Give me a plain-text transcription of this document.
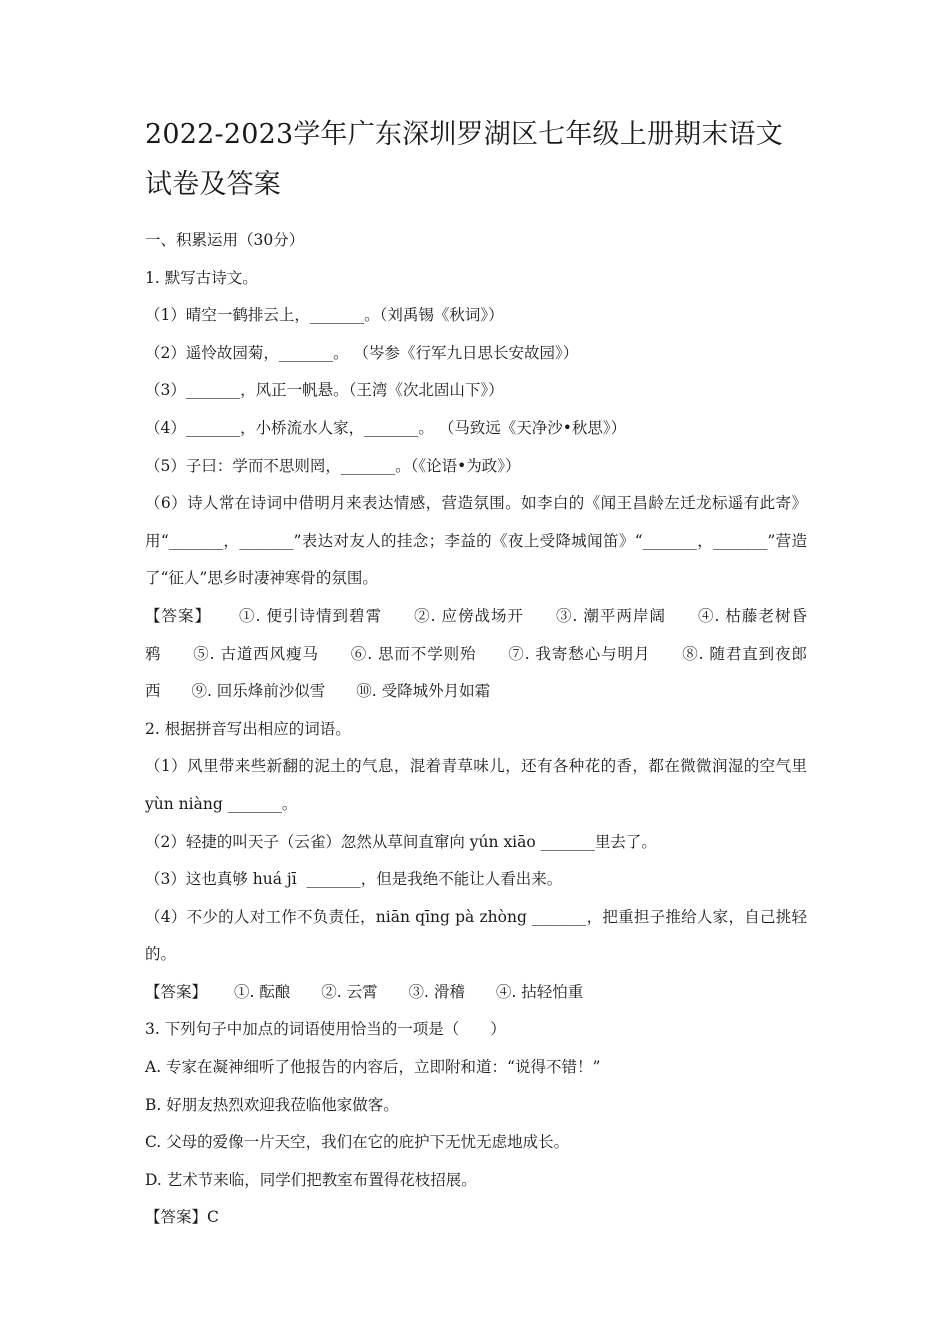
2022-2023学年广东深圳罗湖区七年级上册期末语文试卷及答案

一、积累运用（30分）

1. 默写古诗文。

（1）晴空一鹤排云上，_______。（刘禹锡《秋词》）

（2）遥怜故园菊，_______。 （岑参《行军九日思长安故园》）

（3）_______，风正一帆悬。（王湾《次北固山下》）

（4）_______，小桥流水人家，_______。 （马致远《天净沙•秋思》）

（5）子曰：学而不思则罔，_______。（《论语•为政》）

（6）诗人常在诗词中借明月来表达情感，营造氛围。如李白的《闻王昌龄左迁龙标遥有此寄》用“_______，_______”表达对友人的挂念；李益的《夜上受降城闻笛》“_______，_______”营造了“征人”思乡时凄神寒骨的氛围。

【答案】 ①. 便引诗情到碧霄 ②. 应傍战场开 ③. 潮平两岸阔 ④. 枯藤老树昏鸦 ⑤. 古道西风瘦马 ⑥. 思而不学则殆 ⑦. 我寄愁心与明月 ⑧. 随君直到夜郎西 ⑨. 回乐烽前沙似雪 ⑩. 受降城外月如霜

2. 根据拼音写出相应的词语。

（1）风里带来些新翻的泥土的气息，混着青草味儿，还有各种花的香，都在微微润湿的空气里 yùn niàng _______。

（2）轻捷的叫天子（云雀）忽然从草间直窜向 yún xiāo _______里去了。

（3）这也真够 huá jī  _______，但是我绝不能让人看出来。

（4）不少的人对工作不负责任，niān qīng pà zhòng _______，把重担子推给人家，自己挑轻的。

【答案】 ①. 酝酿 ②. 云霄 ③. 滑稽 ④. 拈轻怕重

3. 下列句子中加点的词语使用恰当的一项是（　　）

A. 专家在凝神细听了他报告的内容后，立即附和道：“说得不错！”

B. 好朋友热烈欢迎我莅临他家做客。

C. 父母的爱像一片天空，我们在它的庇护下无忧无虑地成长。

D. 艺术节来临，同学们把教室布置得花枝招展。

【答案】C
